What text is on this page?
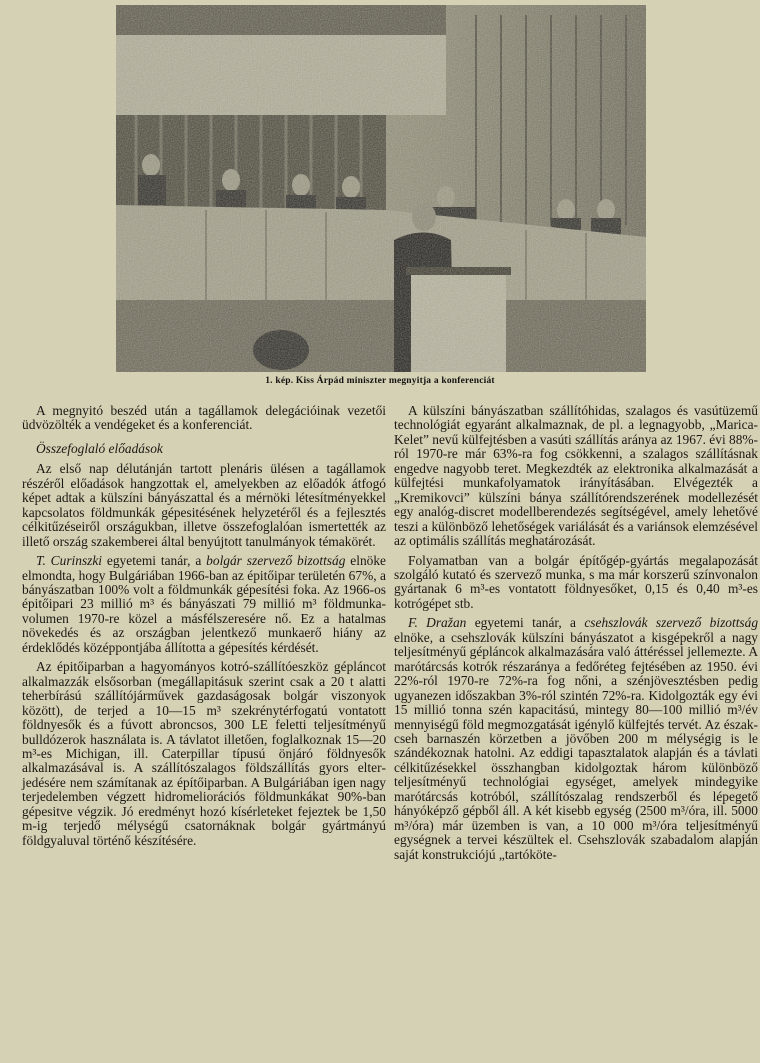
1. kép. Kiss Árpád miniszter megnyitja a konferenciát

A megnyitó beszéd után a tagállamok delegációinak vezetői üdvözölték a vendégeket és a konferenciát.

Összefoglaló előadások

Az első nap délutánján tartott plenáris ülésen a tagállamok részéről előadások hangzottak el, amelyekben az előadók átfogó képet adtak a külszíni bányászattal és a mérnöki létesítményekkel kapcsolatos földmunkák gépesitésének helyzetéről és a fejlesztés célkitűzéseiről országukban, illetve összefoglalóan ismertették az illető ország szakemberei által benyújtott tanulmányok témakörét.

T. Curinszki egyetemi tanár, a bolgár szervező bizottság elnöke elmondta, hogy Bulgáriában 1966-ban az épitőipar területén 67%, a bányászatban 100% volt a földmunkák gépesítési foka. Az 1966-os épitőipari 23 millió m³ és bányászati 79 millió m³ földmunka-volumen 1970-re közel a másfélszeresére nő. Ez a hatalmas növekedés és az országban jelentkező munkaerő hiány az érdeklődés középpontjába állította a gépesítés kérdését.

Az épitőiparban a hagyományos kotró-szállítóeszköz gépláncot alkalmazzák elsősorban (megállapitásuk szerint csak a 20 t alatti teherbírású szállítójárművek gazdaságosak bolgár viszonyok között), de terjed a 10—15 m³ szekrénytérfogatú vontatott földnyesők és a fúvott abroncsos, 300 LE feletti teljesítményű bulldózerok használata is. A távlatot illetően, foglalkoznak 15—20 m³-es Michigan, ill. Caterpillar típusú önjáró földnyesők alkalmazásával is. A szállítószalagos földszállítás gyors elterjedésére nem számítanak az építőiparban. A Bulgáriában igen nagy terjedelemben végzett hidromeliorációs földmunkákat 90%-ban gépesitve végzik. Jó eredményt hozó kísérleteket fejeztek be 1,50 m-ig terjedő mélységű csatornáknak bolgár gyártmányú földgyaluval történő készítésére.

A külszíni bányászatban szállítóhidas, szalagos és vasútüzemű technológiát egyaránt alkalmaznak, de pl. a legnagyobb, „Marica-Kelet” nevű külfejtésben a vasúti szállítás aránya az 1967. évi 88%-ról 1970-re már 63%-ra fog csökkenni, a szalagos szállításnak engedve nagyobb teret. Megkezdték az elektronika alkalmazását a külfejtési munkafolyamatok irányításában. Elvégezték a „Kremikovci” külszíni bánya szállítórendszerének modellezését egy analóg-discret modellberendezés segítségével, amely lehetővé teszi a különböző lehetőségek variálását és a variánsok elemzésével az optimális szállítás meghatározását.

Folyamatban van a bolgár építőgép-gyártás megalapozását szolgáló kutató és szervező munka, s ma már korszerű színvonalon gyártanak 6 m³-es vontatott földnyesőket, 0,15 és 0,40 m³-es kotrógépet stb.

F. Dražan egyetemi tanár, a csehszlovák szervező bizottság elnöke, a csehszlovák külszíni bányászatot a kisgépekről a nagy teljesítményű gépláncok alkalmazására való áttéréssel jellemezte. A marótárcsás kotrók részaránya a fedőréteg fejtésében az 1950. évi 22%-ról 1970-re 72%-ra fog nőni, a szénjövesztésben pedig ugyanezen időszakban 3%-ról szintén 72%-ra. Kidolgozták egy évi 15 millió tonna szén kapacitású, mintegy 80—100 millió m³/év mennyiségű föld megmozgatását igénylő külfejtés tervét. Az észak-cseh barnaszén körzetben a jövőben 200 m mélységig is le szándékoznak hatolni. Az eddigi tapasztalatok alapján és a távlati célkitűzésekkel összhangban kidolgoztak három különböző teljesítményű technológiai egységet, amelyek mindegyike marótárcsás kotróból, szállítószalag rendszerből és lépegető hányóképző gépből áll. A két kisebb egység (2500 m³/óra, ill. 5000 m³/óra) már üzemben is van, a 10 000 m³/óra teljesítményű egységnek a tervei készültek el. Csehszlovák szabadalom alapján saját konstrukciójú „tartóköte-
